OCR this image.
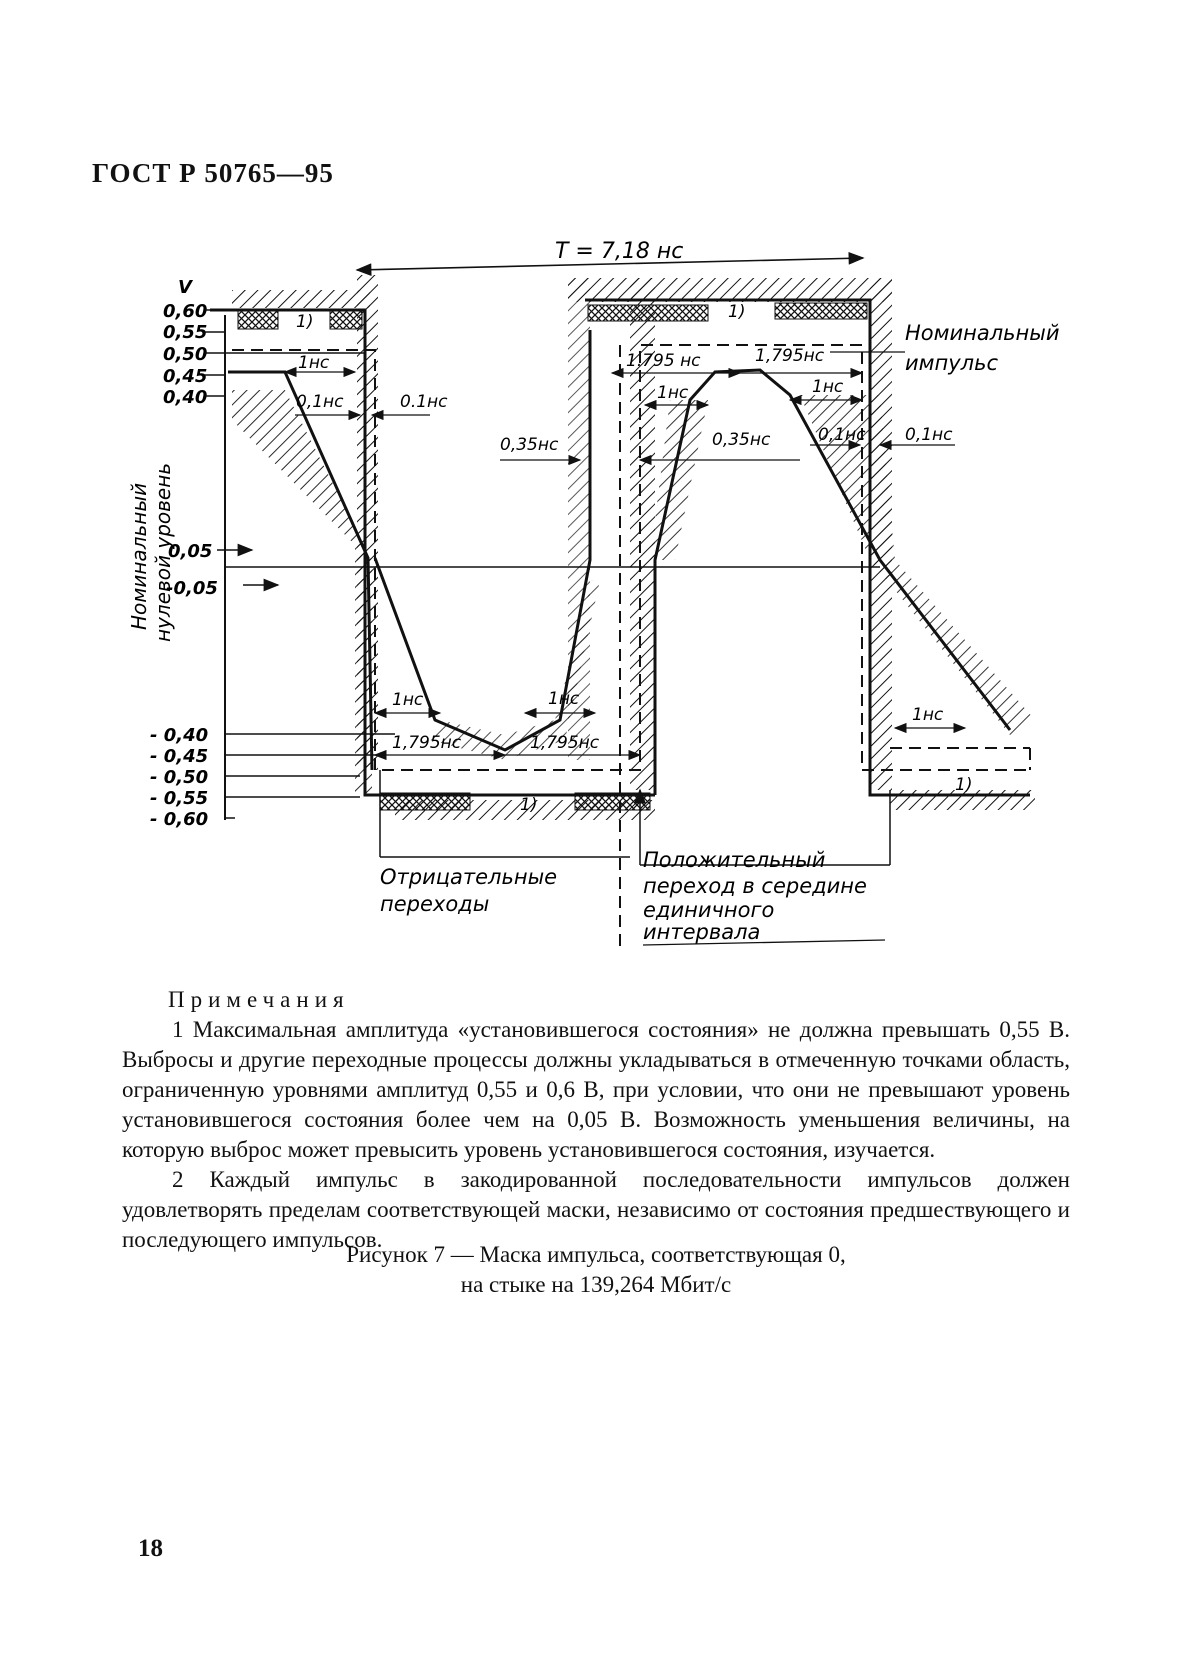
ГОСТ Р 50765—95
T = 7,18 нс
1)	1)
1)
1)
V
0,60
0,55
0,50
0,45
0,40
0,05
-0,05
- 0,40
- 0,45
- 0,50
- 0,55
- 0,60
Номинальный нулевой уровень
1нс
0,1нс	0.1нс
0,35нс	0,35нс
1.795 нс	1,795нс
1нс	1нс
0,1нс 0,1нс
1нс	1нс
1,795нс	1,795нс
1нс
Номинальный
импульс
Отрицательные
переходы
Положительный
переход в середине
единичного
интервала
Примечания

1 Максимальная амплитуда «установившегося состояния» не должна превышать 0,55 В. Выбросы и другие переходные процессы должны укладываться в отмеченную точками область, ограниченную уровнями амплитуд 0,55 и 0,6 В, при условии, что они не превышают уровень установившегося состояния более чем на 0,05 В. Возможность уменьшения величины, на которую выброс может превысить уровень установившегося состояния, изучается.

2 Каждый импульс в закодированной последовательности импульсов должен удовлетворять пределам соответствующей маски, независимо от состояния предшествующего и последующего импульсов.

Рисунок 7 — Маска импульса, соответствующая 0,
на стыке на 139,264 Мбит/с
18
